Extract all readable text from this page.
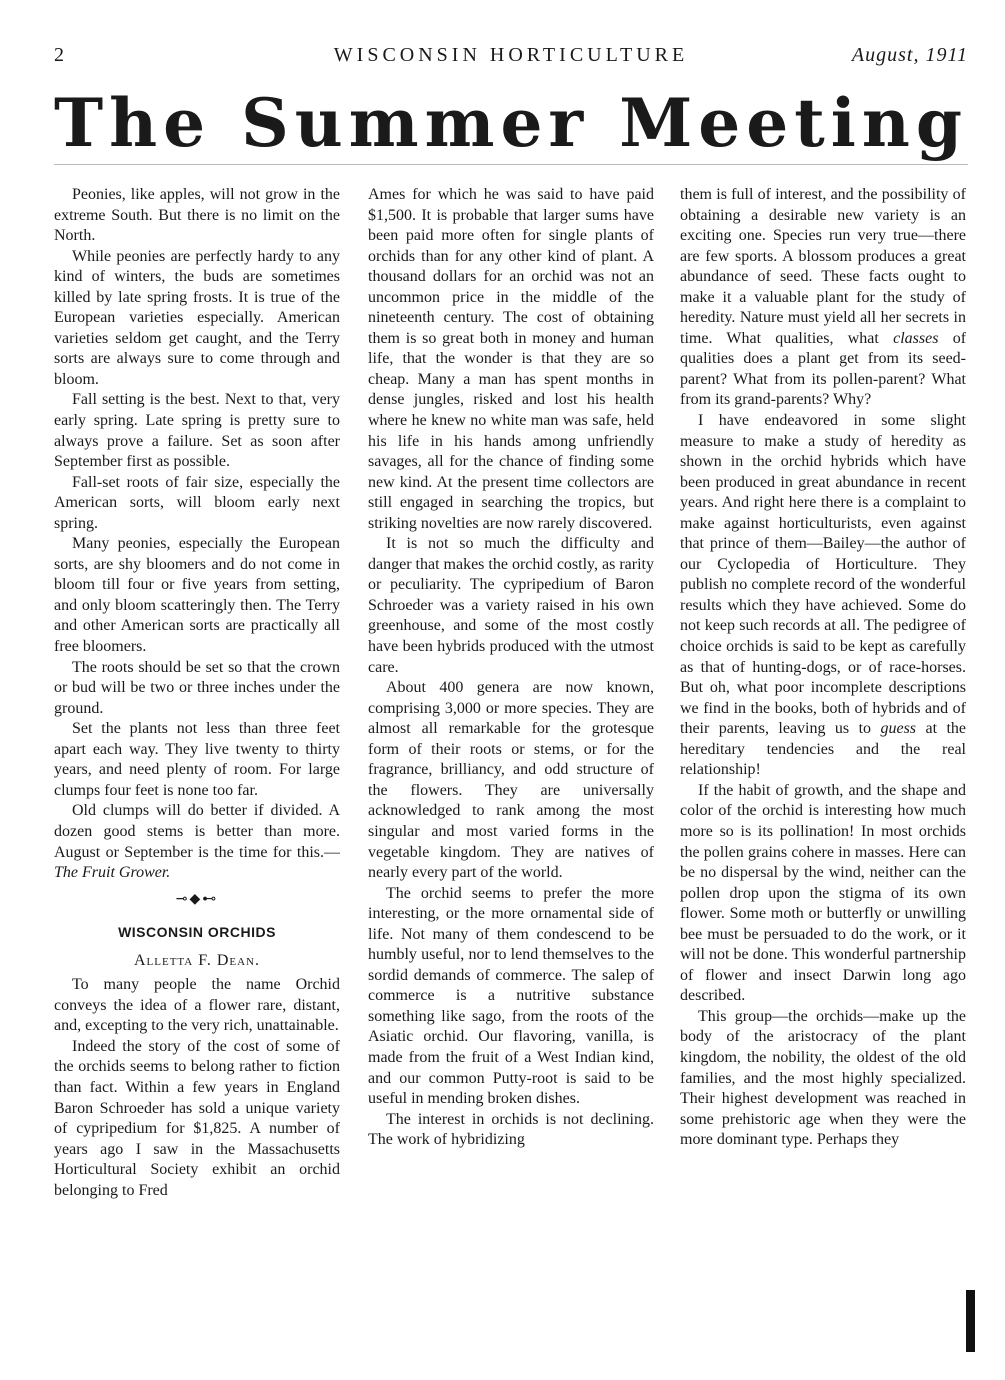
2	WISCONSIN HORTICULTURE	August, 1911
The Summer Meeting

Peonies, like apples, will not grow in the extreme South. But there is no limit on the North.

While peonies are perfectly hardy to any kind of winters, the buds are sometimes killed by late spring frosts. It is true of the European varieties especially. American varieties seldom get caught, and the Terry sorts are always sure to come through and bloom.

Fall setting is the best. Next to that, very early spring. Late spring is pretty sure to always prove a failure. Set as soon after September first as possible.

Fall-set roots of fair size, especially the American sorts, will bloom early next spring.

Many peonies, especially the European sorts, are shy bloomers and do not come in bloom till four or five years from setting, and only bloom scatteringly then. The Terry and other American sorts are practically all free bloomers.

The roots should be set so that the crown or bud will be two or three inches under the ground.

Set the plants not less than three feet apart each way. They live twenty to thirty years, and need plenty of room. For large clumps four feet is none too far.

Old clumps will do better if divided. A dozen good stems is better than more. August or September is the time for this.—The Fruit Grower.

⊸◆⊷
WISCONSIN ORCHIDS
Alletta F. Dean.

To many people the name Orchid conveys the idea of a flower rare, distant, and, excepting to the very rich, unattainable.

Indeed the story of the cost of some of the orchids seems to belong rather to fiction than fact. Within a few years in England Baron Schroeder has sold a unique variety of cypripedium for $1,825. A number of years ago I saw in the Massachusetts Horticultural Society exhibit an orchid belonging to Fred

Ames for which he was said to have paid $1,500. It is probable that larger sums have been paid more often for single plants of orchids than for any other kind of plant. A thousand dollars for an orchid was not an uncommon price in the middle of the nineteenth century. The cost of obtaining them is so great both in money and human life, that the wonder is that they are so cheap. Many a man has spent months in dense jungles, risked and lost his health where he knew no white man was safe, held his life in his hands among unfriendly savages, all for the chance of finding some new kind. At the present time collectors are still engaged in searching the tropics, but striking novelties are now rarely discovered.

It is not so much the difficulty and danger that makes the orchid costly, as rarity or peculiarity. The cypripedium of Baron Schroeder was a variety raised in his own greenhouse, and some of the most costly have been hybrids produced with the utmost care.

About 400 genera are now known, comprising 3,000 or more species. They are almost all remarkable for the grotesque form of their roots or stems, or for the fragrance, brilliancy, and odd structure of the flowers. They are universally acknowledged to rank among the most singular and most varied forms in the vegetable kingdom. They are natives of nearly every part of the world.

The orchid seems to prefer the more interesting, or the more ornamental side of life. Not many of them condescend to be humbly useful, nor to lend themselves to the sordid demands of commerce. The salep of commerce is a nutritive substance something like sago, from the roots of the Asiatic orchid. Our flavoring, vanilla, is made from the fruit of a West Indian kind, and our common Putty-root is said to be useful in mending broken dishes.

The interest in orchids is not declining. The work of hybridizing

them is full of interest, and the possibility of obtaining a desirable new variety is an exciting one. Species run very true—there are few sports. A blossom produces a great abundance of seed. These facts ought to make it a valuable plant for the study of heredity. Nature must yield all her secrets in time. What qualities, what classes of qualities does a plant get from its seed-parent? What from its pollen-parent? What from its grand-parents? Why?

I have endeavored in some slight measure to make a study of heredity as shown in the orchid hybrids which have been produced in great abundance in recent years. And right here there is a complaint to make against horticulturists, even against that prince of them—Bailey—the author of our Cyclopedia of Horticulture. They publish no complete record of the wonderful results which they have achieved. Some do not keep such records at all. The pedigree of choice orchids is said to be kept as carefully as that of hunting-dogs, or of race-horses. But oh, what poor incomplete descriptions we find in the books, both of hybrids and of their parents, leaving us to guess at the hereditary tendencies and the real relationship!

If the habit of growth, and the shape and color of the orchid is interesting how much more so is its pollination! In most orchids the pollen grains cohere in masses. Here can be no dispersal by the wind, neither can the pollen drop upon the stigma of its own flower. Some moth or butterfly or unwilling bee must be persuaded to do the work, or it will not be done. This wonderful partnership of flower and insect Darwin long ago described.

This group—the orchids—make up the body of the aristocracy of the plant kingdom, the nobility, the oldest of the old families, and the most highly specialized. Their highest development was reached in some prehistoric age when they were the more dominant type. Perhaps they
